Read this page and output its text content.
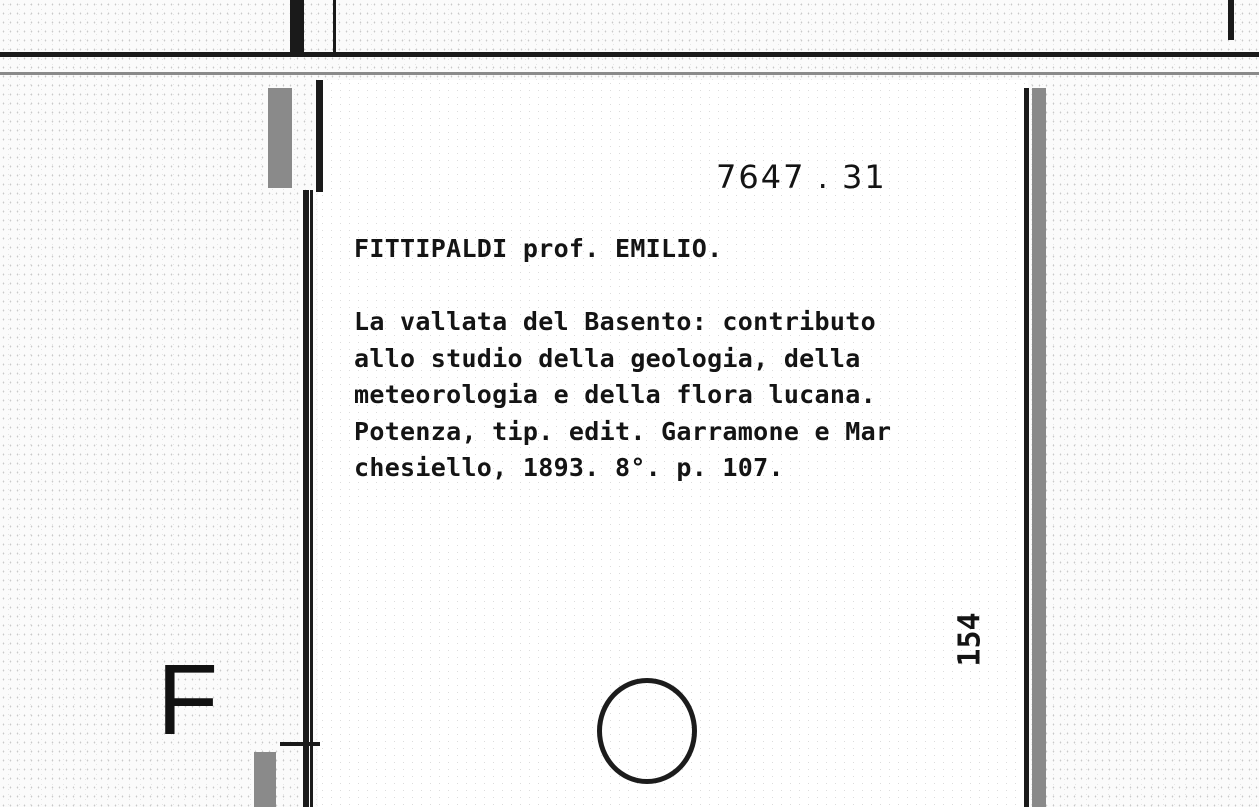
7647 . 31
FITTIPALDI prof. EMILIO.

La vallata del Basento: contributo
allo studio della geologia, della
meteorologia e della flora lucana.
Potenza, tip. edit. Garramone e Mar
chesiello, 1893. 8°. p. 107.

154
F
